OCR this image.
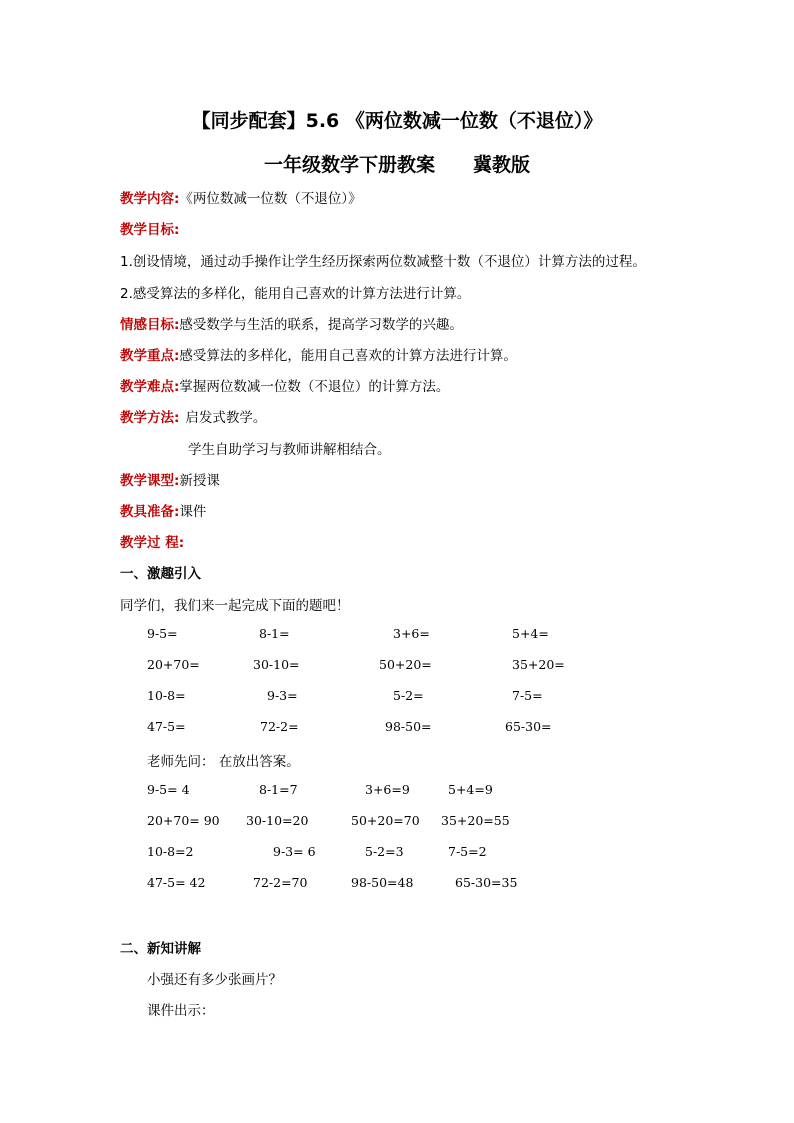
【同步配套】5.6 《两位数减一位数（不退位）》
一年级数学下册教案　　冀教版
教学内容:《两位数减一位数（不退位）》
教学目标:
1.创设情境，通过动手操作让学生经历探索两位数减整十数（不退位）计算方法的过程。
2.感受算法的多样化，能用自己喜欢的计算方法进行计算。
情感目标:感受数学与生活的联系，提高学习数学的兴趣。
教学重点:感受算法的多样化，能用自己喜欢的计算方法进行计算。
教学难点:掌握两位数减一位数（不退位）的计算方法。
教学方法: 启发式教学。
学生自助学习与教师讲解相结合。
教学课型:新授课
教具准备:课件
教学过 程:
一、激趣引入
同学们，我们来一起完成下面的题吧！
9-5=	8-1=	3+6=	5+4=
20+70=	30-10=	50+20=	35+20=
10-8=	9-3=	5-2=	7-5=
47-5=	72-2=	98-50=	65-30=
老师先问： 在放出答案。
9-5= 4	8-1=7	3+6=9	5+4=9
20+70= 90 30-10=20	50+20=70 35+20=55
10-8=2	9-3= 6	5-2=3	7-5=2
47-5= 42	72-2=70	98-50=48	65-30=35
二、新知讲解
小强还有多少张画片？
课件出示：
